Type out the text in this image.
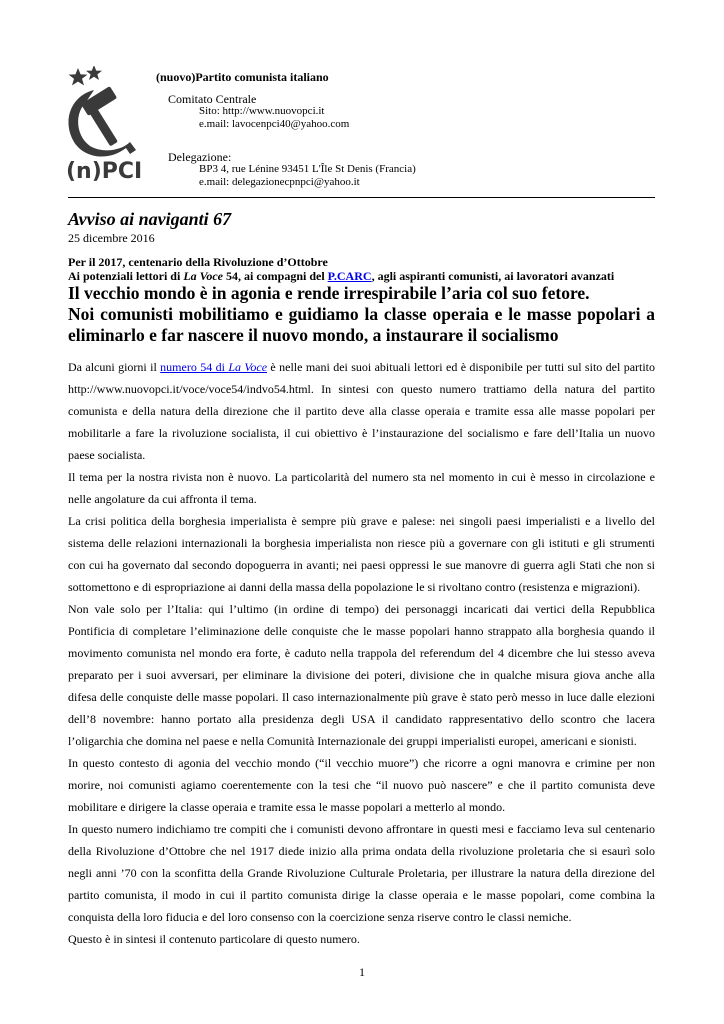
(n)PCI
(nuovo)Partito comunista italiano
Comitato Centrale
Sito: http://www.nuovopci.it
e.mail: lavocenpci40@yahoo.com
Delegazione:
BP3 4, rue Lénine 93451 L'Île St Denis (Francia)
e.mail: delegazionecpnpci@yahoo.it
Avviso ai naviganti 67
25 dicembre 2016
Per il 2017, centenario della Rivoluzione d’Ottobre
Ai potenziali lettori di La Voce 54, ai compagni del P.CARC, agli aspiranti comunisti, ai lavoratori avanzati
Il vecchio mondo è in agonia e rende irrespirabile l’aria col suo fetore.
Noi comunisti mobilitiamo e guidiamo la classe operaia e le masse popolari a eliminarlo e far nascere il nuovo mondo, a instaurare il socialismo

Da alcuni giorni il numero 54 di La Voce è nelle mani dei suoi abituali lettori ed è disponibile per tutti sul sito del partito http://www.nuovopci.it/voce/voce54/indvo54.html. In sintesi con questo numero trattiamo della natura del partito comunista e della natura della direzione che il partito deve alla classe operaia e tramite essa alle masse popolari per mobilitarle a fare la rivoluzione socialista, il cui obiettivo è l’instaurazione del socialismo e fare dell’Italia un nuovo paese socialista.

Il tema per la nostra rivista non è nuovo. La particolarità del numero sta nel momento in cui è messo in circolazione e nelle angolature da cui affronta il tema.

La crisi politica della borghesia imperialista è sempre più grave e palese: nei singoli paesi imperialisti e a livello del sistema delle relazioni internazionali la borghesia imperialista non riesce più a governare con gli istituti e gli strumenti con cui ha governato dal secondo dopoguerra in avanti; nei paesi oppressi le sue manovre di guerra agli Stati che non si sottomettono e di espropriazione ai danni della massa della popolazione le si rivoltano contro (resistenza e migrazioni).

Non vale solo per l’Italia: qui l’ultimo (in ordine di tempo) dei personaggi incaricati dai vertici della Repubblica Pontificia di completare l’eliminazione delle conquiste che le masse popolari hanno strappato alla borghesia quando il movimento comunista nel mondo era forte, è caduto nella trappola del referendum del 4 dicembre che lui stesso aveva preparato per i suoi avversari, per eliminare la divisione dei poteri, divisione che in qualche misura giova anche alla difesa delle conquiste delle masse popolari. Il caso internazionalmente più grave è stato però messo in luce dalle elezioni dell’8 novembre: hanno portato alla presidenza degli USA il candidato rappresentativo dello scontro che lacera l’oligarchia che domina nel paese e nella Comunità Internazionale dei gruppi imperialisti europei, americani e sionisti.

In questo contesto di agonia del vecchio mondo (“il vecchio muore”) che ricorre a ogni manovra e crimine per non morire, noi comunisti agiamo coerentemente con la tesi che “il nuovo può nascere” e che il partito comunista deve mobilitare e dirigere la classe operaia e tramite essa le masse popolari a metterlo al mondo.

In questo numero indichiamo tre compiti che i comunisti devono affrontare in questi mesi e facciamo leva sul centenario della Rivoluzione d’Ottobre che nel 1917 diede inizio alla prima ondata della rivoluzione proletaria che si esaurì solo negli anni ’70 con la sconfitta della Grande Rivoluzione Culturale Proletaria, per illustrare la natura della direzione del partito comunista, il modo in cui il partito comunista dirige la classe operaia e le masse popolari, come combina la conquista della loro fiducia e del loro consenso con la coercizione senza riserve contro le classi nemiche.

Questo è in sintesi il contenuto particolare di questo numero.

1
